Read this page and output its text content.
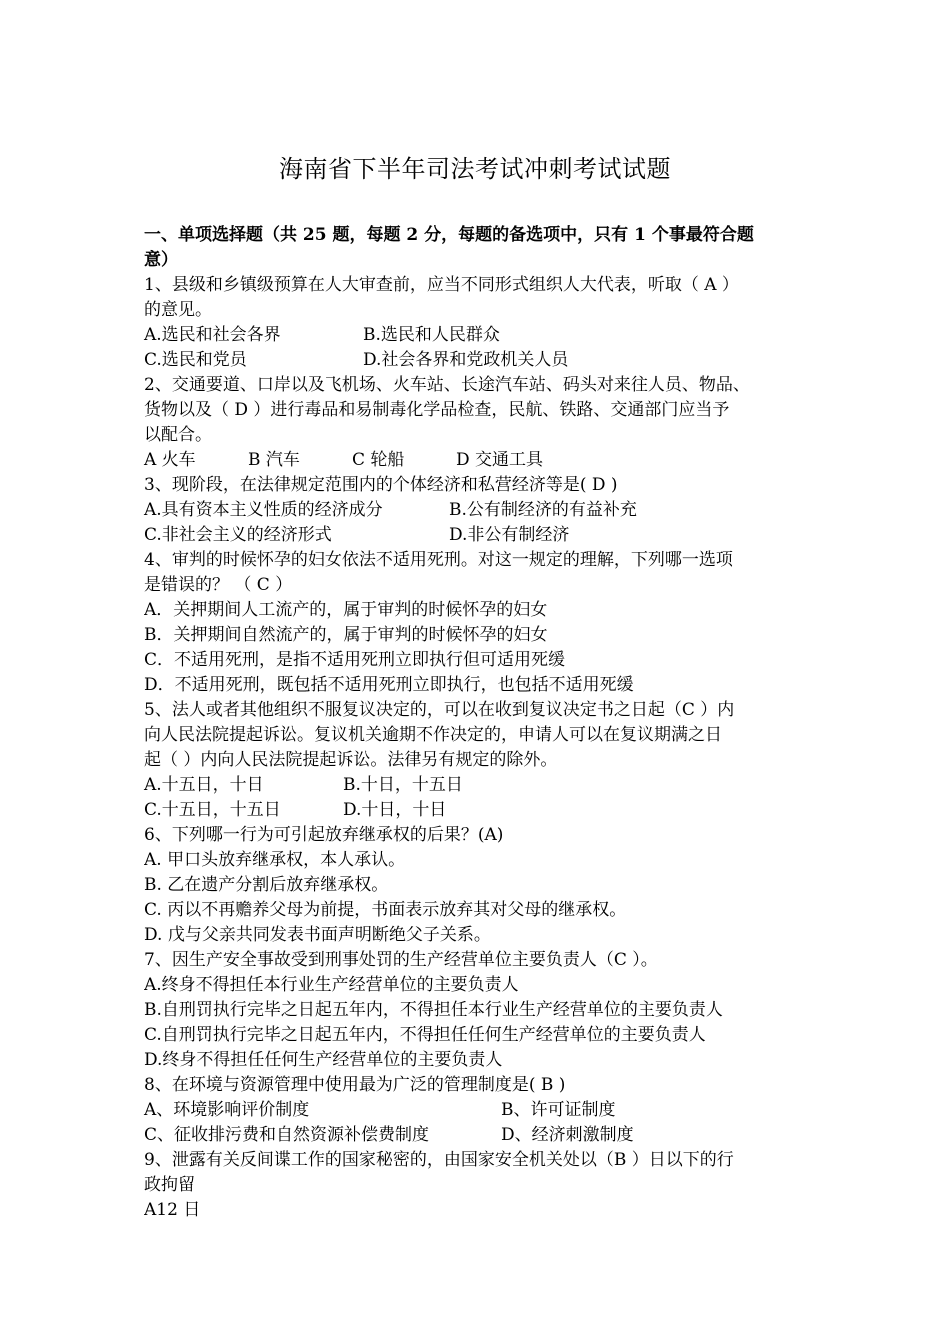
海南省下半年司法考试冲刺考试试题
一、单项选择题（共 25 题，每题 2 分，每题的备选项中，只有 1 个事最符合题
意）
1、县级和乡镇级预算在人大审查前，应当不同形式组织人大代表，听取（ A ）
的意见。
A.选民和社会各界	B.选民和人民群众
C.选民和党员	D.社会各界和党政机关人员
2、交通要道、口岸以及飞机场、火车站、长途汽车站、码头对来往人员、物品、
货物以及（ D ）进行毒品和易制毒化学品检查，民航、铁路、交通部门应当予
以配合。
A 火车	B 汽车	C 轮船	D 交通工具
3、现阶段，在法律规定范围内的个体经济和私营经济等是( D )
A.具有资本主义性质的经济成分	B.公有制经济的有益补充
C.非社会主义的经济形式	D.非公有制经济
4、审判的时候怀孕的妇女依法不适用死刑。对这一规定的理解，下列哪一选项
是错误的？ （ C ）
A．关押期间人工流产的，属于审判的时候怀孕的妇女
B．关押期间自然流产的，属于审判的时候怀孕的妇女
C．不适用死刑，是指不适用死刑立即执行但可适用死缓
D．不适用死刑，既包括不适用死刑立即执行，也包括不适用死缓
5、法人或者其他组织不服复议决定的，可以在收到复议决定书之日起（C ）内
向人民法院提起诉讼。复议机关逾期不作决定的，申请人可以在复议期满之日
起（ ）内向人民法院提起诉讼。法律另有规定的除外。
A.十五日，十日	B.十日，十五日
C.十五日，十五日	D.十日，十日
6、下列哪一行为可引起放弃继承权的后果？(A)
A. 甲口头放弃继承权，本人承认。
B. 乙在遗产分割后放弃继承权。
C. 丙以不再赡养父母为前提，书面表示放弃其对父母的继承权。
D. 戊与父亲共同发表书面声明断绝父子关系。
7、因生产安全事故受到刑事处罚的生产经营单位主要负责人（C ）。
A.终身不得担任本行业生产经营单位的主要负责人
B.自刑罚执行完毕之日起五年内，不得担任本行业生产经营单位的主要负责人
C.自刑罚执行完毕之日起五年内，不得担任任何生产经营单位的主要负责人
D.终身不得担任任何生产经营单位的主要负责人
8、在环境与资源管理中使用最为广泛的管理制度是( B )
A、环境影响评价制度	B、许可证制度
C、征收排污费和自然资源补偿费制度	D、经济刺激制度
9、泄露有关反间谍工作的国家秘密的，由国家安全机关处以（B ）日以下的行
政拘留
A12 日
